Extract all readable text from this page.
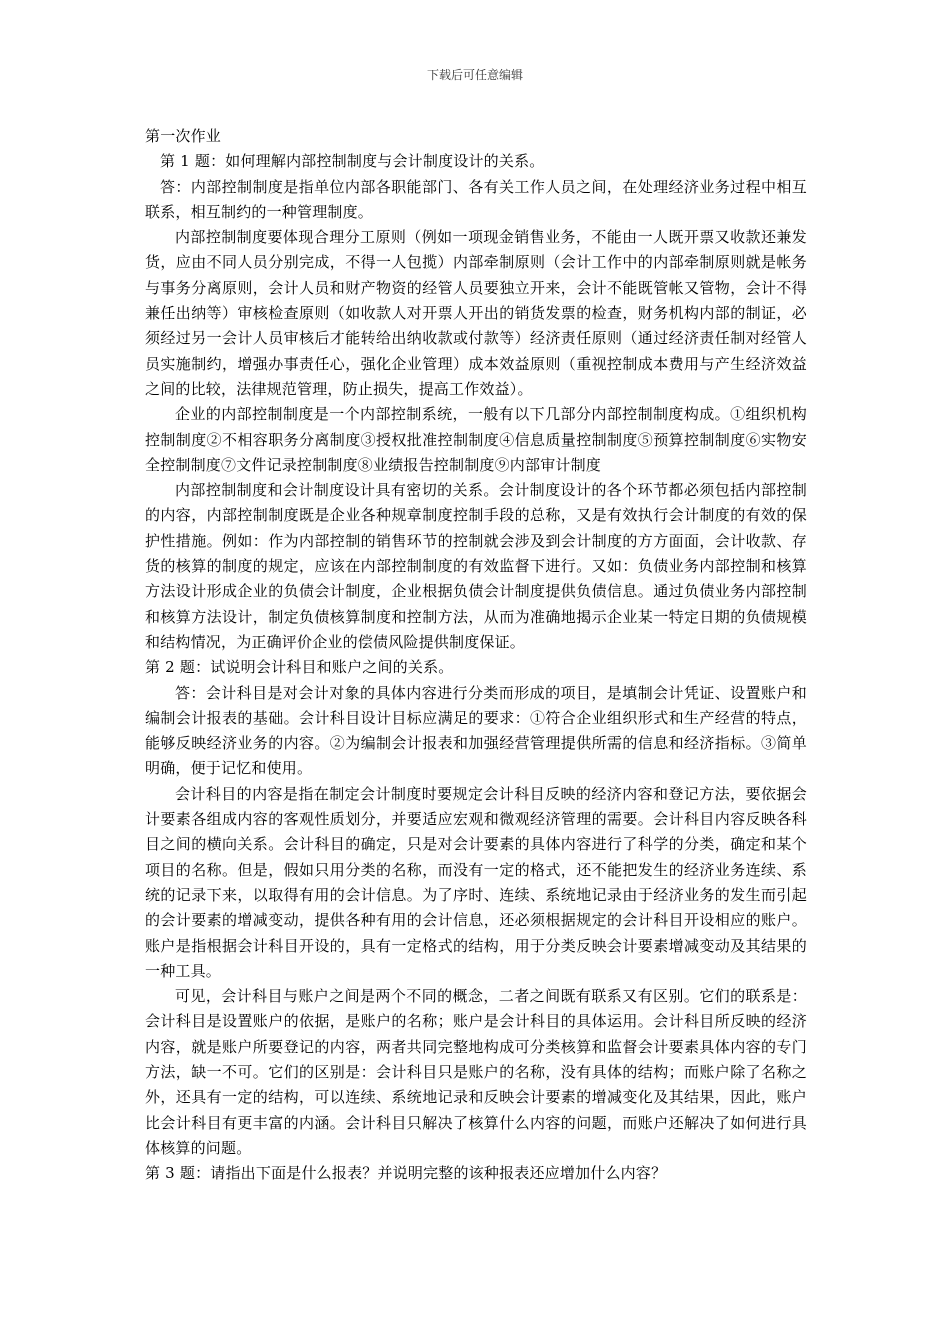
下载后可任意编辑

第一次作业

第 1 题：如何理解内部控制制度与会计制度设计的关系。

答：内部控制制度是指单位内部各职能部门、各有关工作人员之间，在处理经济业务过程中相互联系，相互制约的一种管理制度。

内部控制制度要体现合理分工原则（例如一项现金销售业务，不能由一人既开票又收款还兼发货，应由不同人员分别完成，不得一人包揽）内部牵制原则（会计工作中的内部牵制原则就是帐务与事务分离原则，会计人员和财产物资的经管人员要独立开来，会计不能既管帐又管物，会计不得兼任出纳等）审核检查原则（如收款人对开票人开出的销货发票的检查，财务机构内部的制证，必须经过另一会计人员审核后才能转给出纳收款或付款等）经济责任原则（通过经济责任制对经管人员实施制约，增强办事责任心，强化企业管理）成本效益原则（重视控制成本费用与产生经济效益之间的比较，法律规范管理，防止损失，提高工作效益）。

企业的内部控制制度是一个内部控制系统，一般有以下几部分内部控制制度构成。①组织机构控制制度②不相容职务分离制度③授权批准控制制度④信息质量控制制度⑤预算控制制度⑥实物安全控制制度⑦文件记录控制制度⑧业绩报告控制制度⑨内部审计制度

内部控制制度和会计制度设计具有密切的关系。会计制度设计的各个环节都必须包括内部控制的内容，内部控制制度既是企业各种规章制度控制手段的总称，又是有效执行会计制度的有效的保护性措施。例如：作为内部控制的销售环节的控制就会涉及到会计制度的方方面面，会计收款、存货的核算的制度的规定，应该在内部控制制度的有效监督下进行。又如：负债业务内部控制和核算方法设计形成企业的负债会计制度，企业根据负债会计制度提供负债信息。通过负债业务内部控制和核算方法设计，制定负债核算制度和控制方法，从而为准确地揭示企业某一特定日期的负债规模和结构情况，为正确评价企业的偿债风险提供制度保证。

第 2 题：试说明会计科目和账户之间的关系。

答：会计科目是对会计对象的具体内容进行分类而形成的项目，是填制会计凭证、设置账户和编制会计报表的基础。会计科目设计目标应满足的要求：①符合企业组织形式和生产经营的特点，能够反映经济业务的内容。②为编制会计报表和加强经营管理提供所需的信息和经济指标。③简单明确，便于记忆和使用。

会计科目的内容是指在制定会计制度时要规定会计科目反映的经济内容和登记方法，要依据会计要素各组成内容的客观性质划分，并要适应宏观和微观经济管理的需要。会计科目内容反映各科目之间的横向关系。会计科目的确定，只是对会计要素的具体内容进行了科学的分类，确定和某个项目的名称。但是，假如只用分类的名称，而没有一定的格式，还不能把发生的经济业务连续、系统的记录下来，以取得有用的会计信息。为了序时、连续、系统地记录由于经济业务的发生而引起的会计要素的增减变动，提供各种有用的会计信息，还必须根据规定的会计科目开设相应的账户。账户是指根据会计科目开设的，具有一定格式的结构，用于分类反映会计要素增减变动及其结果的一种工具。

可见，会计科目与账户之间是两个不同的概念，二者之间既有联系又有区别。它们的联系是：会计科目是设置账户的依据，是账户的名称；账户是会计科目的具体运用。会计科目所反映的经济内容，就是账户所要登记的内容，两者共同完整地构成可分类核算和监督会计要素具体内容的专门方法，缺一不可。它们的区别是：会计科目只是账户的名称，没有具体的结构；而账户除了名称之外，还具有一定的结构，可以连续、系统地记录和反映会计要素的增减变化及其结果，因此，账户比会计科目有更丰富的内涵。会计科目只解决了核算什么内容的问题，而账户还解决了如何进行具体核算的问题。

第 3 题：请指出下面是什么报表？并说明完整的该种报表还应增加什么内容？
